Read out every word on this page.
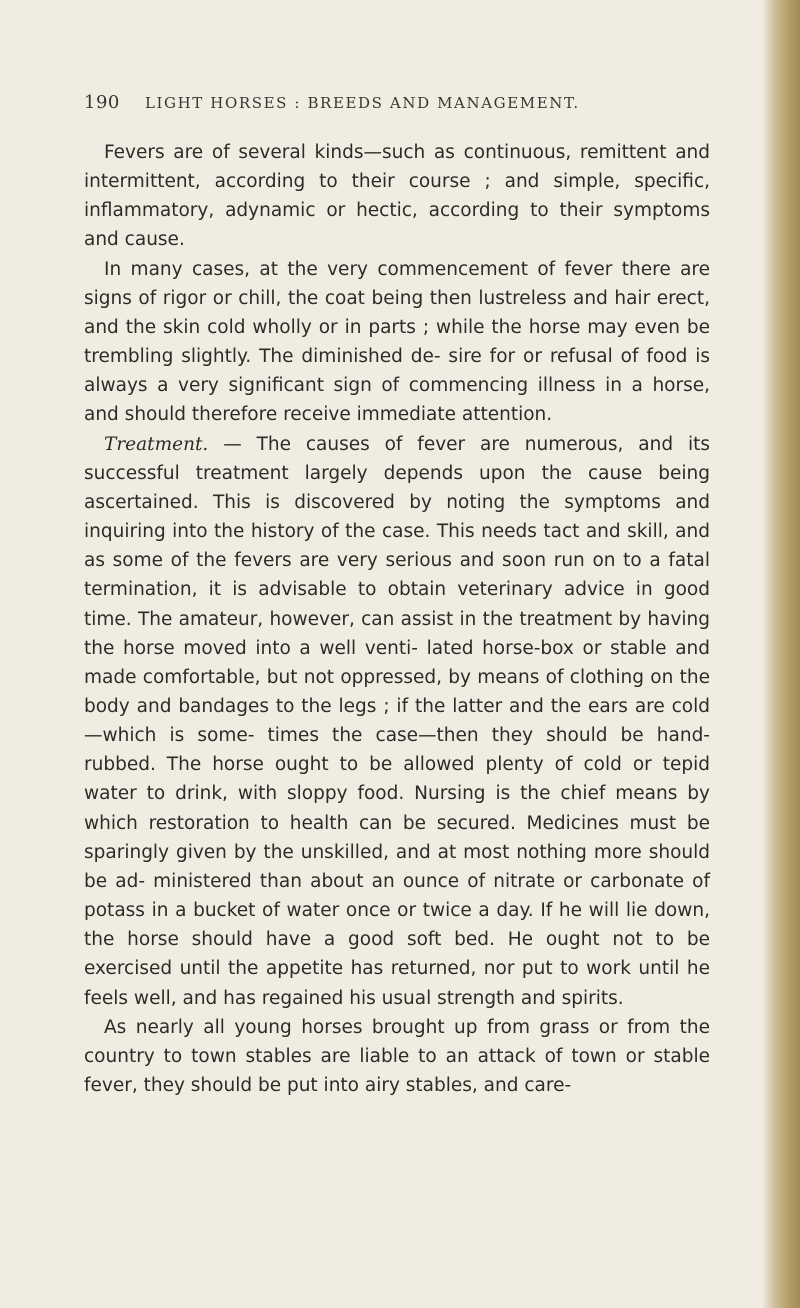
190 LIGHT HORSES : BREEDS AND MANAGEMENT.

Fevers are of several kinds—such as continuous, remittent and intermittent, according to their course ; and simple, specific, inflammatory, adynamic or hectic, according to their symptoms and cause.

In many cases, at the very commencement of fever there are signs of rigor or chill, the coat being then lustreless and hair erect, and the skin cold wholly or in parts ; while the horse may even be trembling slightly. The diminished de- sire for or refusal of food is always a very significant sign of commencing illness in a horse, and should therefore receive immediate attention.

Treatment. — The causes of fever are numerous, and its successful treatment largely depends upon the cause being ascertained. This is discovered by noting the symptoms and inquiring into the history of the case. This needs tact and skill, and as some of the fevers are very serious and soon run on to a fatal termination, it is advisable to obtain veterinary advice in good time. The amateur, however, can assist in the treatment by having the horse moved into a well venti- lated horse-box or stable and made comfortable, but not oppressed, by means of clothing on the body and bandages to the legs ; if the latter and the ears are cold—which is some- times the case—then they should be hand-rubbed. The horse ought to be allowed plenty of cold or tepid water to drink, with sloppy food. Nursing is the chief means by which restoration to health can be secured. Medicines must be sparingly given by the unskilled, and at most nothing more should be ad- ministered than about an ounce of nitrate or carbonate of potass in a bucket of water once or twice a day. If he will lie down, the horse should have a good soft bed. He ought not to be exercised until the appetite has returned, nor put to work until he feels well, and has regained his usual strength and spirits.

As nearly all young horses brought up from grass or from the country to town stables are liable to an attack of town or stable fever, they should be put into airy stables, and care-
